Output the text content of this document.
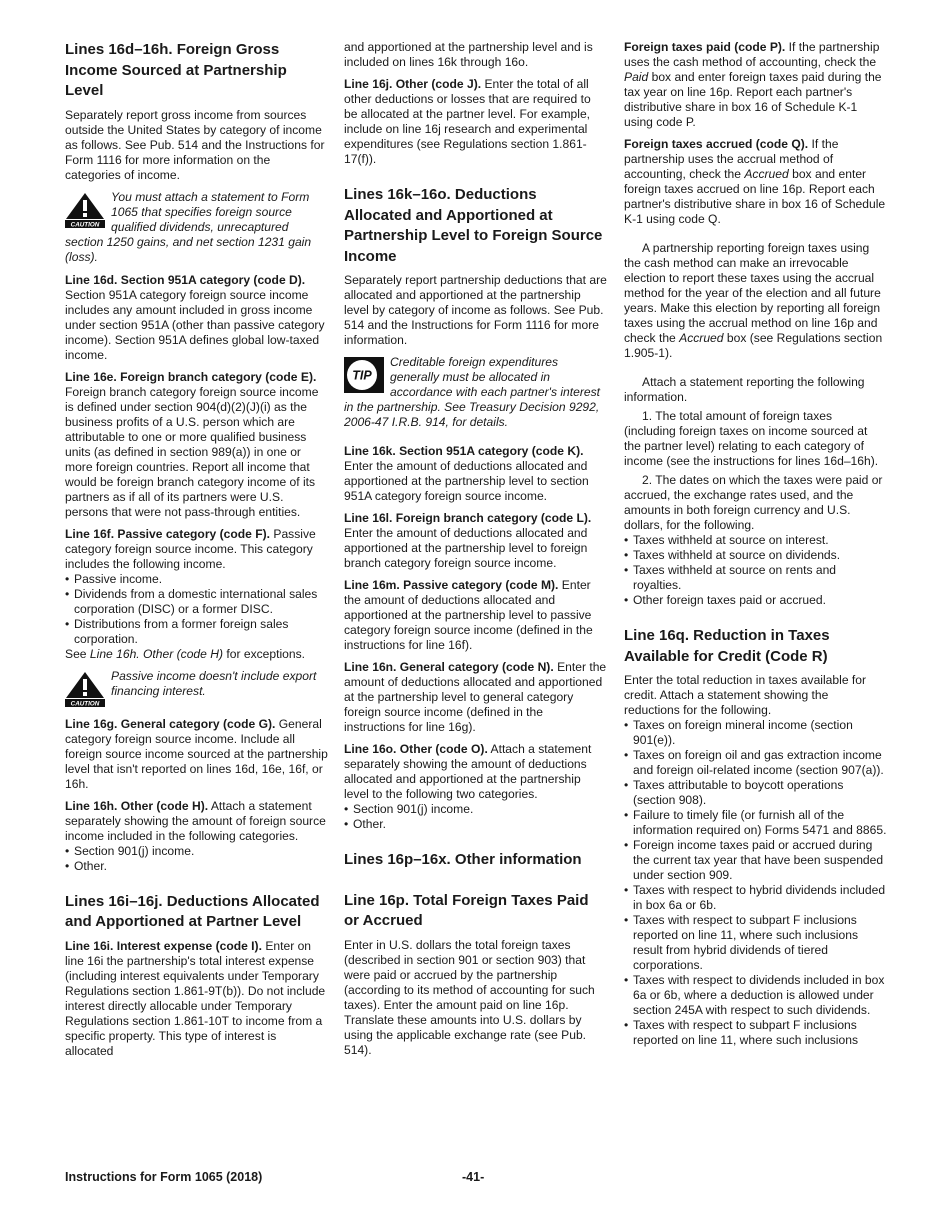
Lines 16d–16h. Foreign Gross Income Sourced at Partnership Level

Separately report gross income from sources outside the United States by category of income as follows. See Pub. 514 and the Instructions for Form 1116 for more information on the categories of income.

CAUTION
You must attach a statement to Form 1065 that specifies foreign source qualified dividends, unrecaptured section 1250 gains, and net section 1231 gain (loss).

Line 16d. Section 951A category (code D). Section 951A category foreign source income includes any amount included in gross income under section 951A (other than passive category income). Section 951A defines global low-taxed income.

Line 16e. Foreign branch category (code E). Foreign branch category foreign source income is defined under section 904(d)(2)(J)(i) as the business profits of a U.S. person which are attributable to one or more qualified business units (as defined in section 989(a)) in one or more foreign countries. Report all income that would be foreign branch category income of its partners as if all of its partners were U.S. persons that were not pass-through entities.

Line 16f. Passive category (code F). Passive category foreign source income. This category includes the following income.

• Passive income.
• Dividends from a domestic international sales corporation (DISC) or a former DISC.
• Distributions from a former foreign sales corporation.

See Line 16h. Other (code H) for exceptions.

CAUTION
Passive income doesn't include export financing interest.

Line 16g. General category (code G). General category foreign source income. Include all foreign source income sourced at the partnership level that isn't reported on lines 16d, 16e, 16f, or 16h.

Line 16h. Other (code H). Attach a statement separately showing the amount of foreign source income included in the following categories.

• Section 901(j) income.
• Other.
Lines 16i–16j. Deductions Allocated and Apportioned at Partner Level

Line 16i. Interest expense (code I). Enter on line 16i the partnership's total interest expense (including interest equivalents under Temporary Regulations section 1.861-9T(b)). Do not include interest directly allocable under Temporary Regulations section 1.861-10T to income from a specific property. This type of interest is allocated

and apportioned at the partnership level and is included on lines 16k through 16o.

Line 16j. Other (code J). Enter the total of all other deductions or losses that are required to be allocated at the partner level. For example, include on line 16j research and experimental expenditures (see Regulations section 1.861-17(f)).

Lines 16k–16o. Deductions Allocated and Apportioned at Partnership Level to Foreign Source Income

Separately report partnership deductions that are allocated and apportioned at the partnership level by category of income as follows. See Pub. 514 and the Instructions for Form 1116 for more information.

TIP
Creditable foreign expenditures generally must be allocated in accordance with each partner's interest in the partnership. See Treasury Decision 9292, 2006-47 I.R.B. 914, for details.

Line 16k. Section 951A category (code K). Enter the amount of deductions allocated and apportioned at the partnership level to section 951A category foreign source income.

Line 16l. Foreign branch category (code L). Enter the amount of deductions allocated and apportioned at the partnership level to foreign branch category foreign source income.

Line 16m. Passive category (code M). Enter the amount of deductions allocated and apportioned at the partnership level to passive category foreign source income (defined in the instructions for line 16f).

Line 16n. General category (code N). Enter the amount of deductions allocated and apportioned at the partnership level to general category foreign source income (defined in the instructions for line 16g).

Line 16o. Other (code O). Attach a statement separately showing the amount of deductions allocated and apportioned at the partnership level to the following two categories.

• Section 901(j) income.
• Other.
Lines 16p–16x. Other information
Line 16p. Total Foreign Taxes Paid or Accrued

Enter in U.S. dollars the total foreign taxes (described in section 901 or section 903) that were paid or accrued by the partnership (according to its method of accounting for such taxes). Enter the amount paid on line 16p. Translate these amounts into U.S. dollars by using the applicable exchange rate (see Pub. 514).

Foreign taxes paid (code P). If the partnership uses the cash method of accounting, check the Paid box and enter foreign taxes paid during the tax year on line 16p. Report each partner's distributive share in box 16 of Schedule K-1 using code P.

Foreign taxes accrued (code Q). If the partnership uses the accrual method of accounting, check the Accrued box and enter foreign taxes accrued on line 16p. Report each partner's distributive share in box 16 of Schedule K-1 using code Q.

A partnership reporting foreign taxes using the cash method can make an irrevocable election to report these taxes using the accrual method for the year of the election and all future years. Make this election by reporting all foreign taxes using the accrual method on line 16p and check the Accrued box (see Regulations section 1.905-1).

Attach a statement reporting the following information.

1. The total amount of foreign taxes (including foreign taxes on income sourced at the partner level) relating to each category of income (see the instructions for lines 16d–16h).

2. The dates on which the taxes were paid or accrued, the exchange rates used, and the amounts in both foreign currency and U.S. dollars, for the following.

• Taxes withheld at source on interest.
• Taxes withheld at source on dividends.
• Taxes withheld at source on rents and royalties.
• Other foreign taxes paid or accrued.
Line 16q. Reduction in Taxes Available for Credit (Code R)

Enter the total reduction in taxes available for credit. Attach a statement showing the reductions for the following.

• Taxes on foreign mineral income (section 901(e)).
• Taxes on foreign oil and gas extraction income and foreign oil-related income (section 907(a)).
• Taxes attributable to boycott operations (section 908).
• Failure to timely file (or furnish all of the information required on) Forms 5471 and 8865.
• Foreign income taxes paid or accrued during the current tax year that have been suspended under section 909.
• Taxes with respect to hybrid dividends included in box 6a or 6b.
• Taxes with respect to subpart F inclusions reported on line 11, where such inclusions result from hybrid dividends of tiered corporations.
• Taxes with respect to dividends included in box 6a or 6b, where a deduction is allowed under section 245A with respect to such dividends.
• Taxes with respect to subpart F inclusions reported on line 11, where such inclusions
Instructions for Form 1065 (2018)	-41-
